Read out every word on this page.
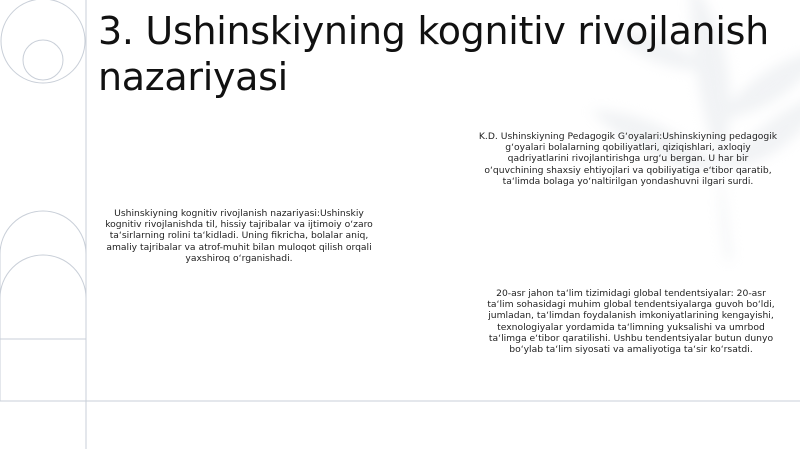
3. Ushinskiyning kognitiv rivojlanish nazariyasi

Ushinskiyning kognitiv rivojlanish nazariyasi:Ushinskiy kognitiv rivojlanishda til, hissiy tajribalar va ijtimoiy o‘zaro ta‘sirlarning rolini ta‘kidladi. Uning fikricha, bolalar aniq, amaliy tajribalar va atrof-muhit bilan muloqot qilish orqali yaxshiroq o‘rganishadi.

K.D. Ushinskiyning Pedagogik G‘oyalari:Ushinskiyning pedagogik g‘oyalari bolalarning qobiliyatlari, qiziqishlari, axloqiy qadriyatlarini rivojlantirishga urg‘u bergan. U har bir o‘quvchining shaxsiy ehtiyojlari va qobiliyatiga e‘tibor qaratib, ta‘limda bolaga yo‘naltirilgan yondashuvni ilgari surdi.

20-asr jahon ta‘lim tizimidagi global tendentsiyalar: 20-asr ta‘lim sohasidagi muhim global tendentsiyalarga guvoh bo‘ldi, jumladan, ta‘limdan foydalanish imkoniyatlarining kengayishi, texnologiyalar yordamida ta‘limning yuksalishi va umrbod ta‘limga e‘tibor qaratilishi. Ushbu tendentsiyalar butun dunyo bo‘ylab ta‘lim siyosati va amaliyotiga ta‘sir ko‘rsatdi.
